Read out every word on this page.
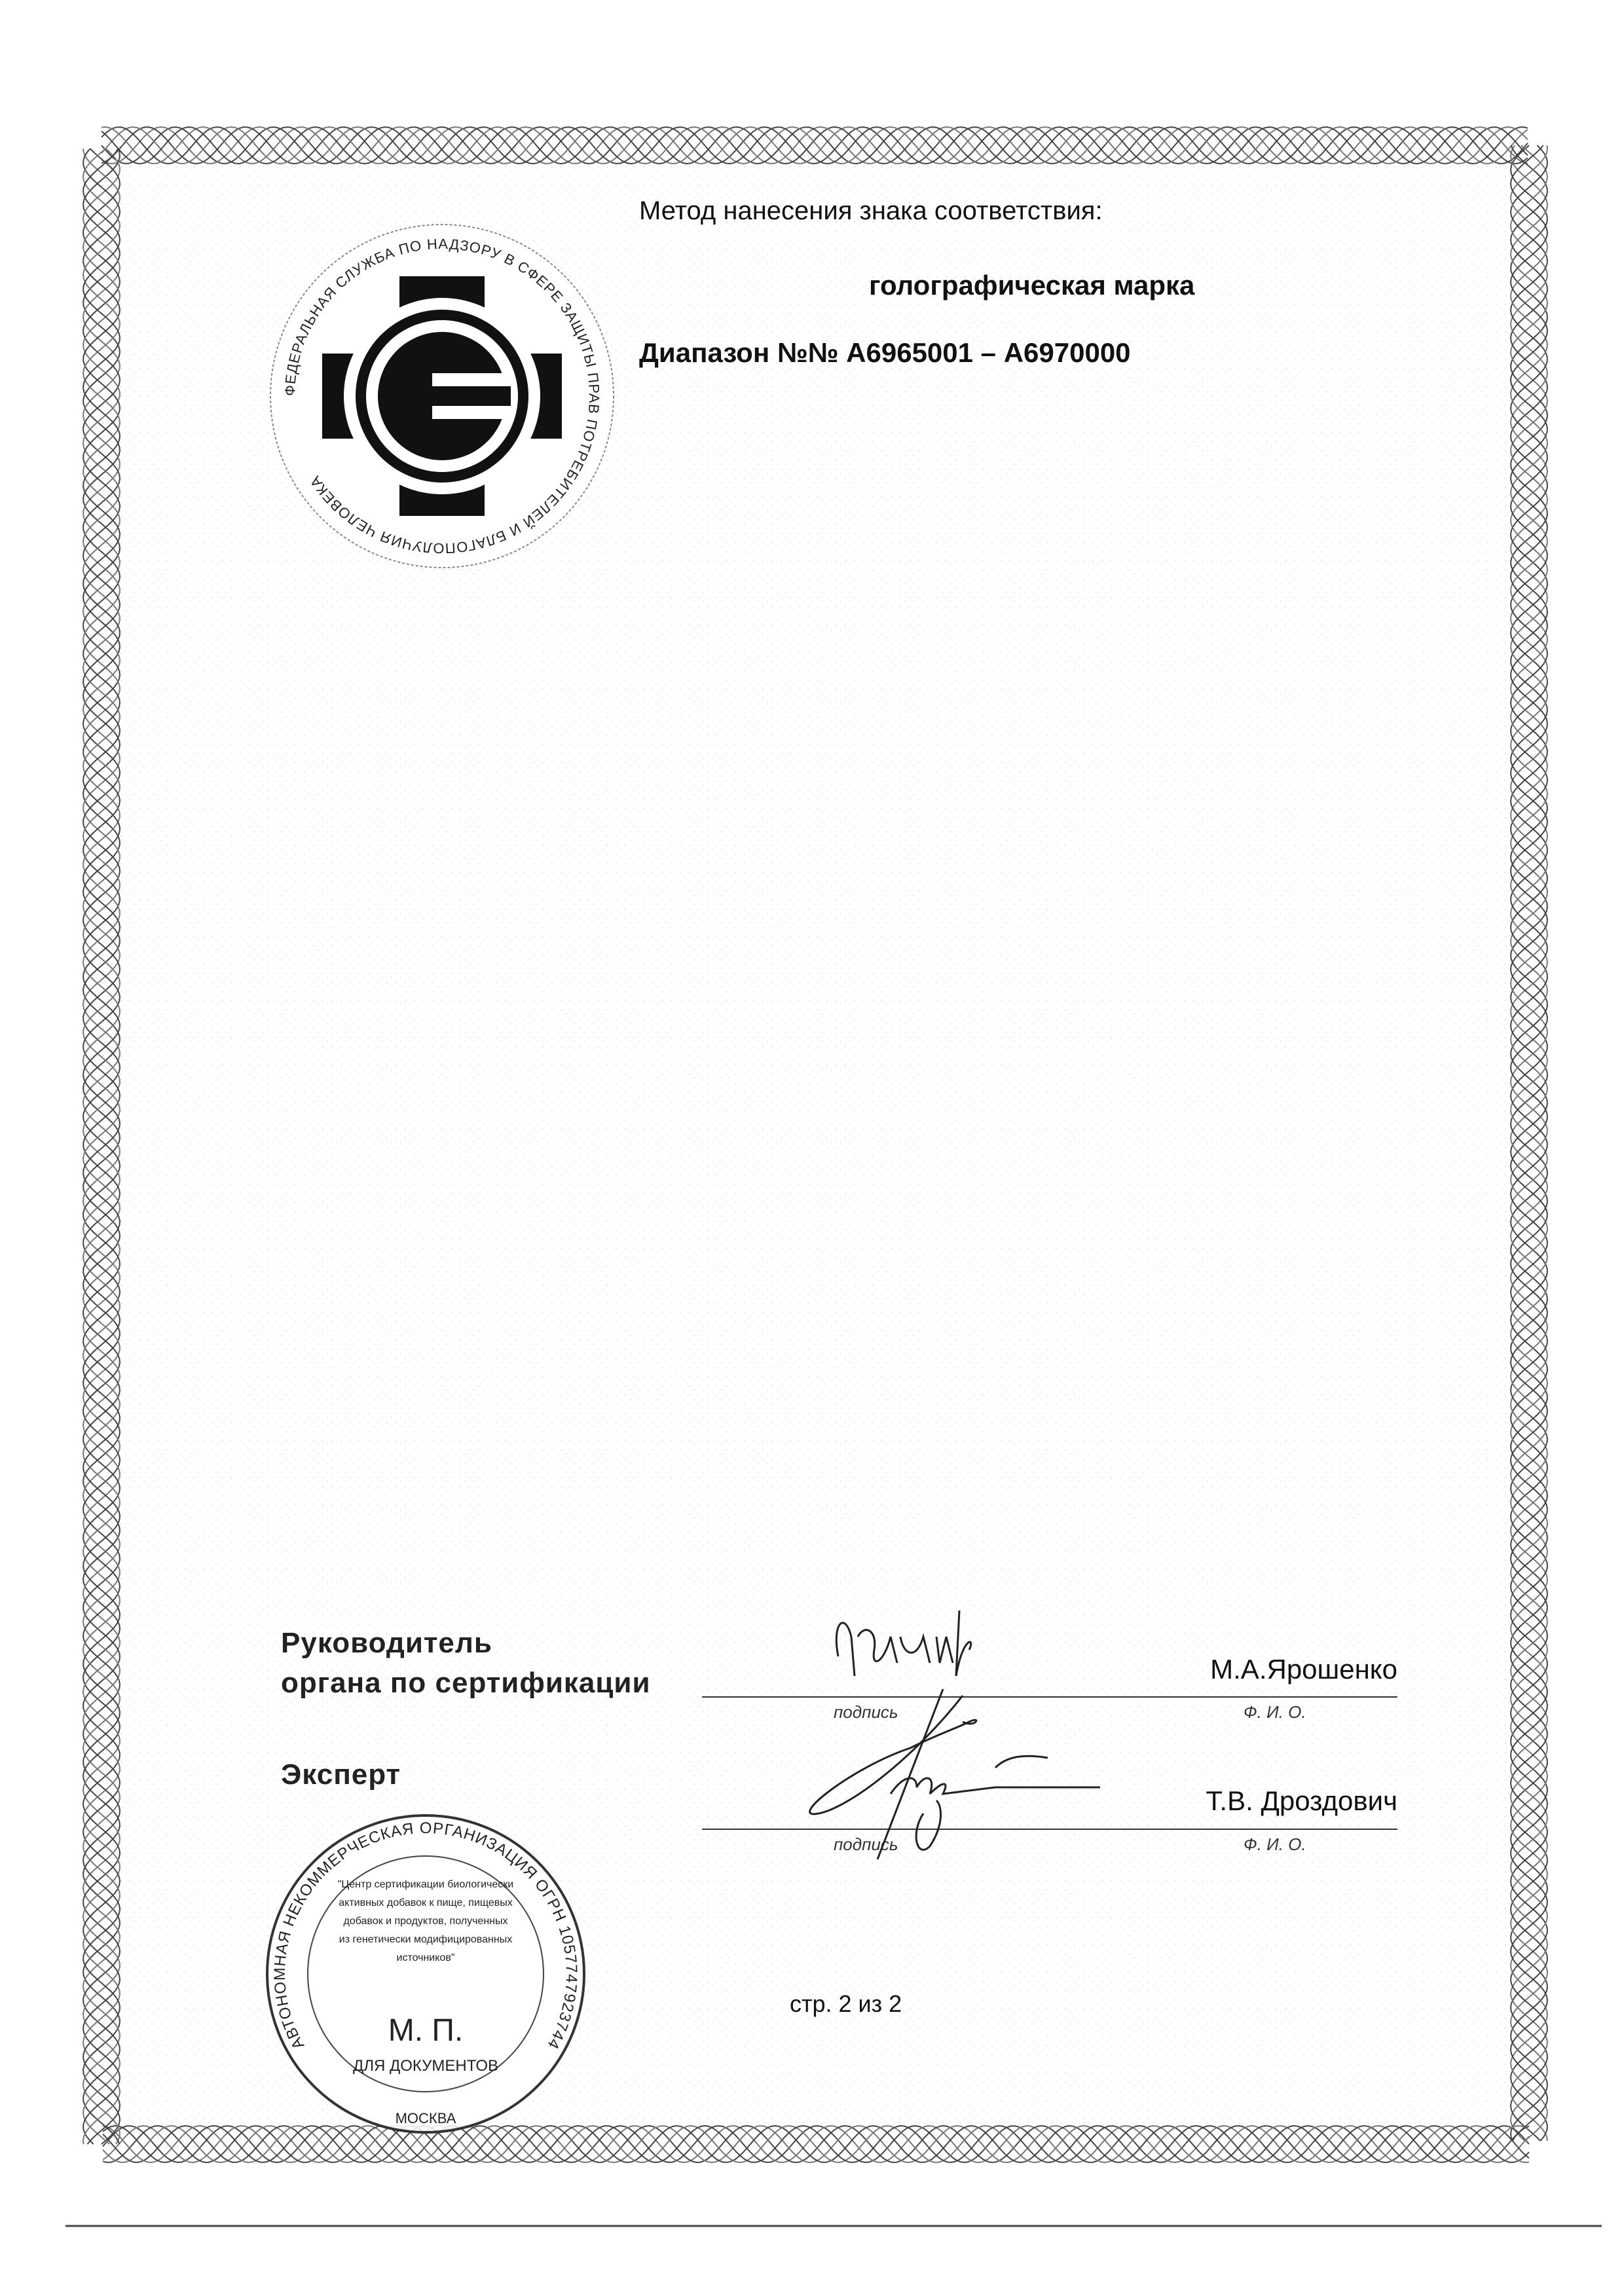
ФЕДЕРАЛЬНАЯ СЛУЖБА ПО НАДЗОРУ В СФЕРЕ ЗАЩИТЫ ПРАВ ПОТРЕБИТЕЛЕЙ И БЛАГОПОЛУЧИЯ ЧЕЛОВЕКА
Метод нанесения знака соответствия:
голографическая марка
Диапазон №№ А6965001 – А6970000
Руководитель
органа по сертификации	М.А.Ярошенко
подпись	Ф. И. О.
Эксперт
Т.В. Дроздович
подпись	Ф. И. О.
АВТОНОМНАЯ НЕКОММЕРЧЕСКАЯ ОРГАНИЗАЦИЯ ОГРН 1057747923744
"Центр сертификации биологически активных добавок к пище, пищевых добавок и продуктов, полученных из генетически модифицированных источников"
М. П.
ДЛЯ ДОКУМЕНТОВ
МОСКВА
стр. 2 из 2
